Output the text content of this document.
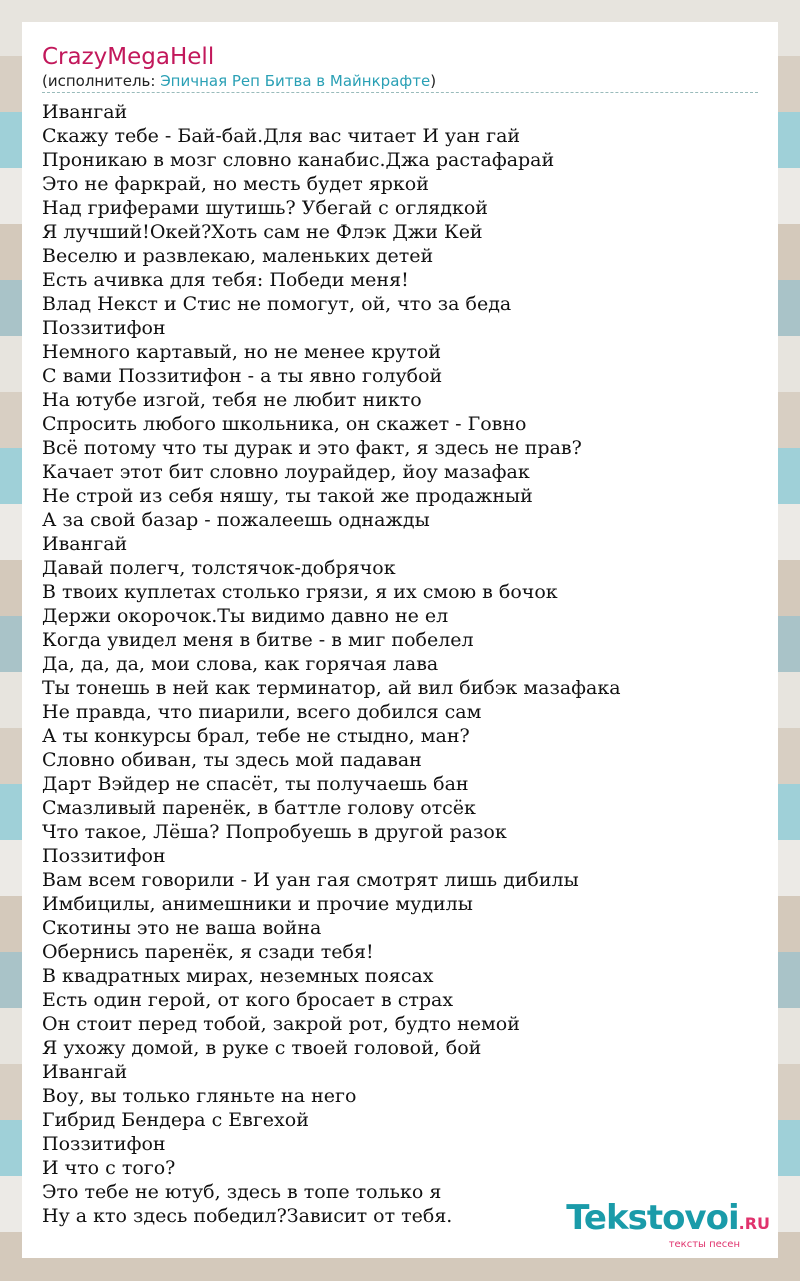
CrazyMegaHell
(исполнитель: Эпичная Реп Битва в Майнкрафте)
Ивангай
Скажу тебе - Бай-бай.Для вас читает И уан гай
Проникаю в мозг словно канабис.Джа растафарай
Это не фаркрай, но месть будет яркой
Над гриферами шутишь? Убегай с оглядкой
Я лучший!Окей?Хоть сам не Флэк Джи Кей
Веселю и развлекаю, маленьких детей
Есть ачивка для тебя: Победи меня!
Влад Некст и Стис не помогут, ой, что за беда
Поззитифон
Немного картавый, но не менее крутой
С вами Поззитифон - а ты явно голубой
На ютубе изгой, тебя не любит никто
Спросить любого школьника, он скажет - Говно
Всё потому что ты дурак и это факт, я здесь не прав?
Качает этот бит словно лоурайдер, йоу мазафак
Не строй из себя няшу, ты такой же продажный
А за свой базар - пожалеешь однажды
Ивангай
Давай полегч, толстячок-добрячок
В твоих куплетах столько грязи, я их смою в бочок
Держи окорочок.Ты видимо давно не ел
Когда увидел меня в битве - в миг побелел
Да, да, да, мои слова, как горячая лава
Ты тонешь в ней как терминатор, ай вил бибэк мазафака
Не правда, что пиарили, всего добился сам
А ты конкурсы брал, тебе не стыдно, ман?
Словно обиван, ты здесь мой падаван
Дарт Вэйдер не спасёт, ты получаешь бан
Смазливый паренёк, в баттле голову отсёк
Что такое, Лёша? Попробуешь в другой разок
Поззитифон
Вам всем говорили - И уан гая смотрят лишь дибилы
Имбицилы, анимешники и прочие мудилы
Скотины это не ваша война
Обернись паренёк, я сзади тебя!
В квадратных мирах, неземных поясах
Есть один герой, от кого бросает в страх
Он стоит перед тобой, закрой рот, будто немой
Я ухожу домой, в руке с твоей головой, бой
Ивангай
Воу, вы только гляньте на него
Гибрид Бендера с Евгехой
Поззитифон
И что с того?
Это тебе не ютуб, здесь в топе только я
Ну а кто здесь победил?Зависит от тебя.	Tekstovoi.RU
тексты песен
